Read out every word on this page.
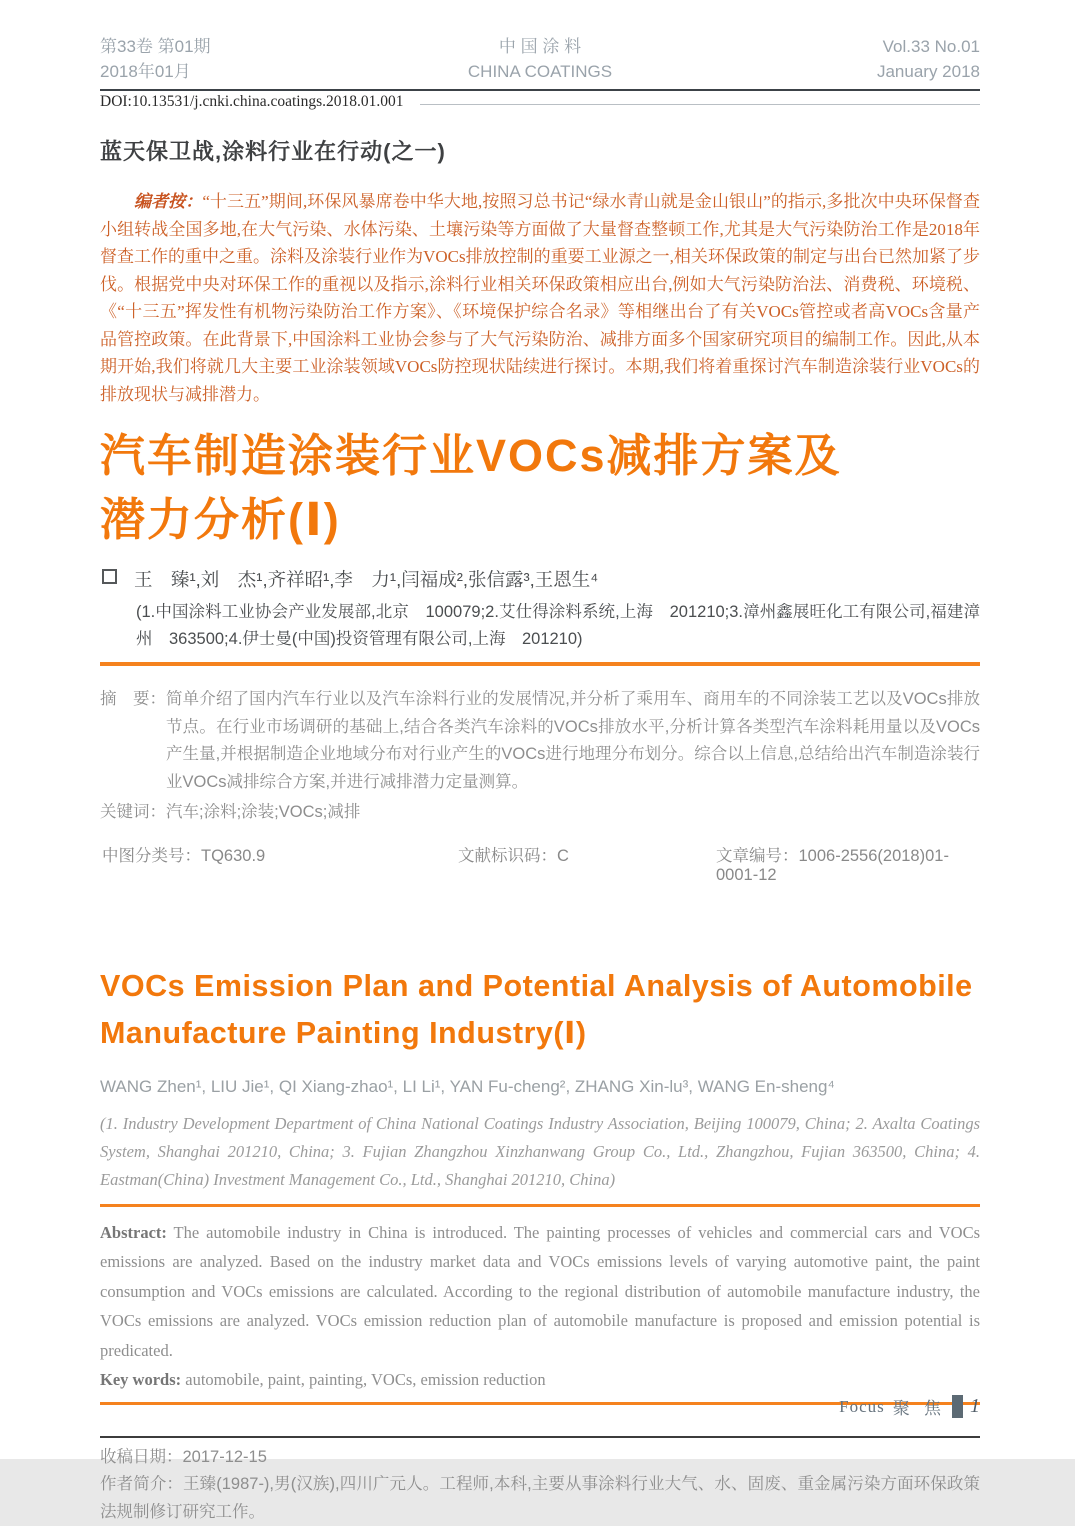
第33卷 第01期
2018年01月
中 国 涂 料
CHINA COATINGS
Vol.33 No.01
January 2018
DOI:10.13531/j.cnki.china.coatings.2018.01.001
蓝天保卫战,涂料行业在行动(之一)

编者按：“十三五”期间,环保风暴席卷中华大地,按照习总书记“绿水青山就是金山银山”的指示,多批次中央环保督查小组转战全国多地,在大气污染、水体污染、土壤污染等方面做了大量督查整顿工作,尤其是大气污染防治工作是2018年督查工作的重中之重。涂料及涂装行业作为VOCs排放控制的重要工业源之一,相关环保政策的制定与出台已然加紧了步伐。根据党中央对环保工作的重视以及指示,涂料行业相关环保政策相应出台,例如大气污染防治法、消费税、环境税、《“十三五”挥发性有机物污染防治工作方案》、《环境保护综合名录》等相继出台了有关VOCs管控或者高VOCs含量产品管控政策。在此背景下,中国涂料工业协会参与了大气污染防治、减排方面多个国家研究项目的编制工作。因此,从本期开始,我们将就几大主要工业涂装领域VOCs防控现状陆续进行探讨。本期,我们将着重探讨汽车制造涂装行业VOCs的排放现状与减排潜力。

汽车制造涂装行业VOCs减排方案及
潜力分析(Ⅰ)
王　臻¹,刘　杰¹,齐祥昭¹,李　力¹,闫福成²,张信露³,王恩生⁴
(1.中国涂料工业协会产业发展部,北京　100079;2.艾仕得涂料系统,上海　201210;3.漳州鑫展旺化工有限公司,福建漳州　363500;4.伊士曼(中国)投资管理有限公司,上海　201210)
摘　要： 简单介绍了国内汽车行业以及汽车涂料行业的发展情况,并分析了乘用车、商用车的不同涂装工艺以及VOCs排放节点。在行业市场调研的基础上,结合各类汽车涂料的VOCs排放水平,分析计算各类型汽车涂料耗用量以及VOCs产生量,并根据制造企业地域分布对行业产生的VOCs进行地理分布划分。综合以上信息,总结给出汽车制造涂装行业VOCs减排综合方案,并进行减排潜力定量测算。
关键词： 汽车;涂料;涂装;VOCs;减排
中图分类号：TQ630.9	文献标识码：C	文章编号：1006-2556(2018)01-0001-12
VOCs Emission Plan and Potential Analysis of Automobile
Manufacture Painting Industry(Ⅰ)
WANG Zhen¹, LIU Jie¹, QI Xiang-zhao¹, LI Li¹, YAN Fu-cheng², ZHANG Xin-lu³, WANG En-sheng⁴
(1. Industry Development Department of China National Coatings Industry Association, Beijing 100079, China; 2. Axalta Coatings System, Shanghai 201210, China; 3. Fujian Zhangzhou Xinzhanwang Group Co., Ltd., Zhangzhou, Fujian 363500, China; 4. Eastman(China) Investment Management Co., Ltd., Shanghai 201210, China)

Abstract: The automobile industry in China is introduced. The painting processes of vehicles and commercial cars and VOCs emissions are analyzed. Based on the industry market data and VOCs emissions levels of varying automotive paint, the paint consumption and VOCs emissions are calculated. According to the regional distribution of automobile manufacture industry, the VOCs emissions are analyzed. VOCs emission reduction plan of automobile manufacture is proposed and emission potential is predicated.

Key words: automobile, paint, painting, VOCs, emission reduction

收稿日期：2017-12-15
作者简介：王臻(1987-),男(汉族),四川广元人。工程师,本科,主要从事涂料行业大气、水、固废、重金属污染方面环保政策法规制修订研究工作。
Focus 聚 焦 1
